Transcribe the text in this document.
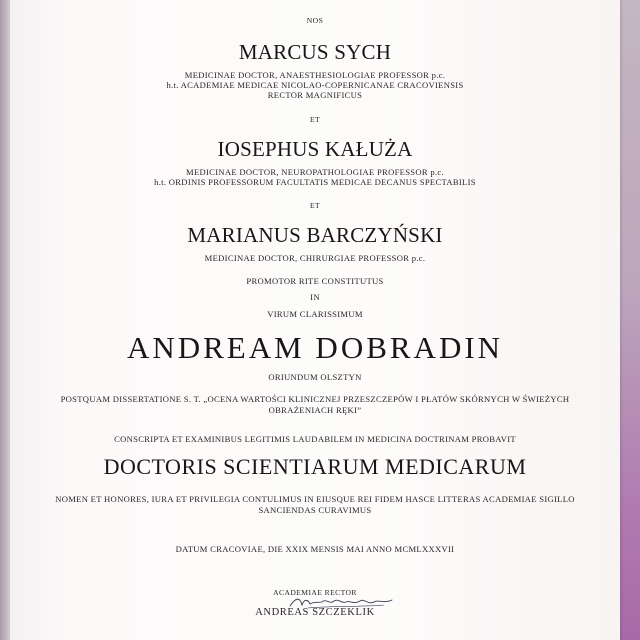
NOS
MARCUS SYCH
MEDICINAE DOCTOR, ANAESTHESIOLOGIAE PROFESSOR p.c.
h.t. ACADEMIAE MEDICAE NICOLAO-COPERNICANAE CRACOVIENSIS
RECTOR MAGNIFICUS
ET
IOSEPHUS KAŁUŻA
MEDICINAE DOCTOR, NEUROPATHOLOGIAE PROFESSOR p.c.
h.t. ORDINIS PROFESSORUM FACULTATIS MEDICAE DECANUS SPECTABILIS
ET
MARIANUS BARCZYŃSKI
MEDICINAE DOCTOR, CHIRURGIAE PROFESSOR p.c.
PROMOTOR RITE CONSTITUTUS
IN
VIRUM CLARISSIMUM
ANDREAM DOBRADIN
ORIUNDUM OLSZTYN
POSTQUAM DISSERTATIONE S. T. „OCENA WARTOŚCI KLINICZNEJ PRZESZCZEPÓW I PŁATÓW SKÓRNYCH W ŚWIEŻYCH
OBRAŻENIACH RĘKI”
CONSCRIPTA ET EXAMINIBUS LEGITIMIS LAUDABILEM IN MEDICINA DOCTRINAM PROBAVIT
DOCTORIS SCIENTIARUM MEDICARUM
NOMEN ET HONORES, IURA ET PRIVILEGIA CONTULIMUS IN EIUSQUE REI FIDEM HASCE LITTERAS ACADEMIAE SIGILLO
SANCIENDAS CURAVIMUS
DATUM CRACOVIAE, DIE XXIX MENSIS MAI ANNO MCMLXXXVII
ACADEMIAE RECTOR
ANDREAS SZCZEKLIK
